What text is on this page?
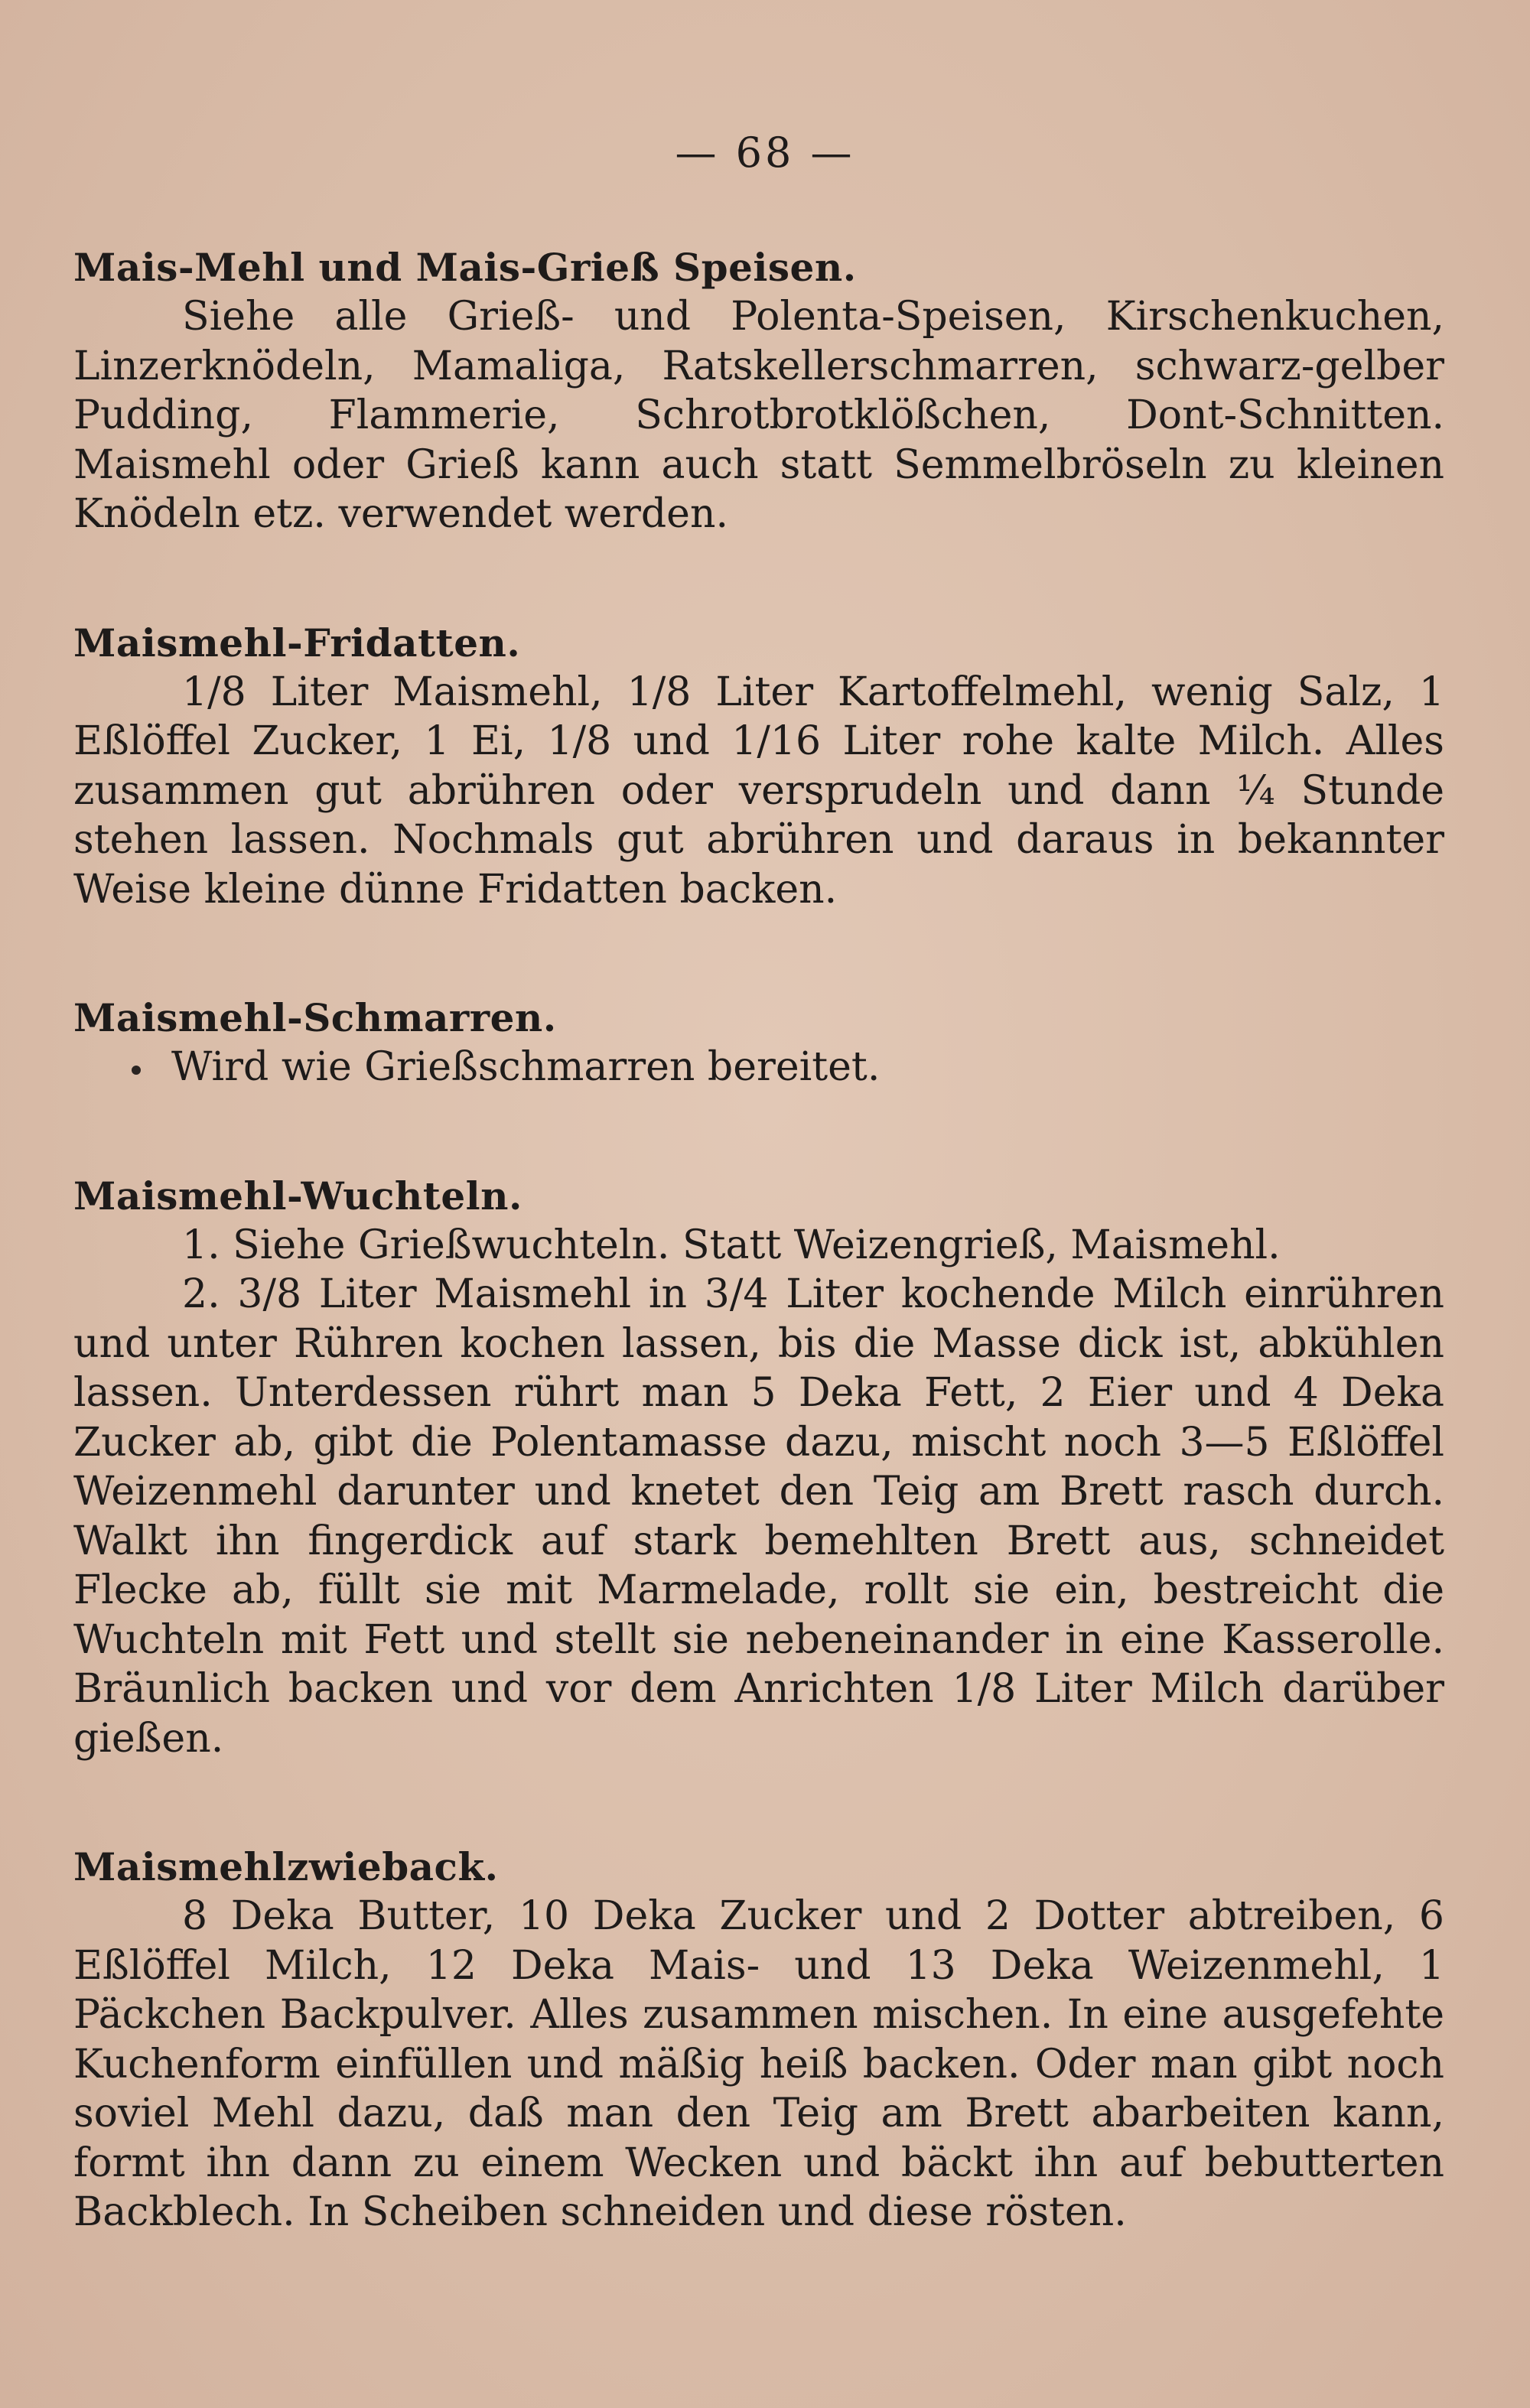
— 68 —
Mais-Mehl und Mais-Grieß Speisen.

Siehe alle Grieß- und Polenta-Speisen, Kirschenkuchen, Linzerknödeln, Mamaliga, Ratskellerschmarren, schwarz-gelber Pudding, Flammerie, Schrotbrotklößchen, Dont-Schnitten. Maismehl oder Grieß kann auch statt Semmelbröseln zu kleinen Knödeln etz. verwendet werden.

Maismehl-Fridatten.

1/8 Liter Maismehl, 1/8 Liter Kartoffelmehl, wenig Salz, 1 Eßlöffel Zucker, 1 Ei, 1/8 und 1/16 Liter rohe kalte Milch. Alles zusammen gut abrühren oder versprudeln und dann ¼ Stunde stehen lassen. Nochmals gut abrühren und daraus in bekannter Weise kleine dünne Fridatten backen.

Maismehl-Schmarren.

Wird wie Grießschmarren bereitet.

Maismehl-Wuchteln.

1. Siehe Grießwuchteln. Statt Weizengrieß, Maismehl.

2. 3/8 Liter Maismehl in 3/4 Liter kochende Milch einrühren und unter Rühren kochen lassen, bis die Masse dick ist, abkühlen lassen. Unterdessen rührt man 5 Deka Fett, 2 Eier und 4 Deka Zucker ab, gibt die Polentamasse dazu, mischt noch 3—5 Eßlöffel Weizenmehl darunter und knetet den Teig am Brett rasch durch. Walkt ihn fingerdick auf stark bemehlten Brett aus, schneidet Flecke ab, füllt sie mit Marmelade, rollt sie ein, bestreicht die Wuchteln mit Fett und stellt sie nebeneinander in eine Kasserolle. Bräunlich backen und vor dem Anrichten 1/8 Liter Milch darüber gießen.

Maismehlzwieback.

8 Deka Butter, 10 Deka Zucker und 2 Dotter abtreiben, 6 Eßlöffel Milch, 12 Deka Mais- und 13 Deka Weizenmehl, 1 Päckchen Backpulver. Alles zusammen mischen. In eine ausgefehte Kuchenform einfüllen und mäßig heiß backen. Oder man gibt noch soviel Mehl dazu, daß man den Teig am Brett abarbeiten kann, formt ihn dann zu einem Wecken und bäckt ihn auf bebutterten Backblech. In Scheiben schneiden und diese rösten.
